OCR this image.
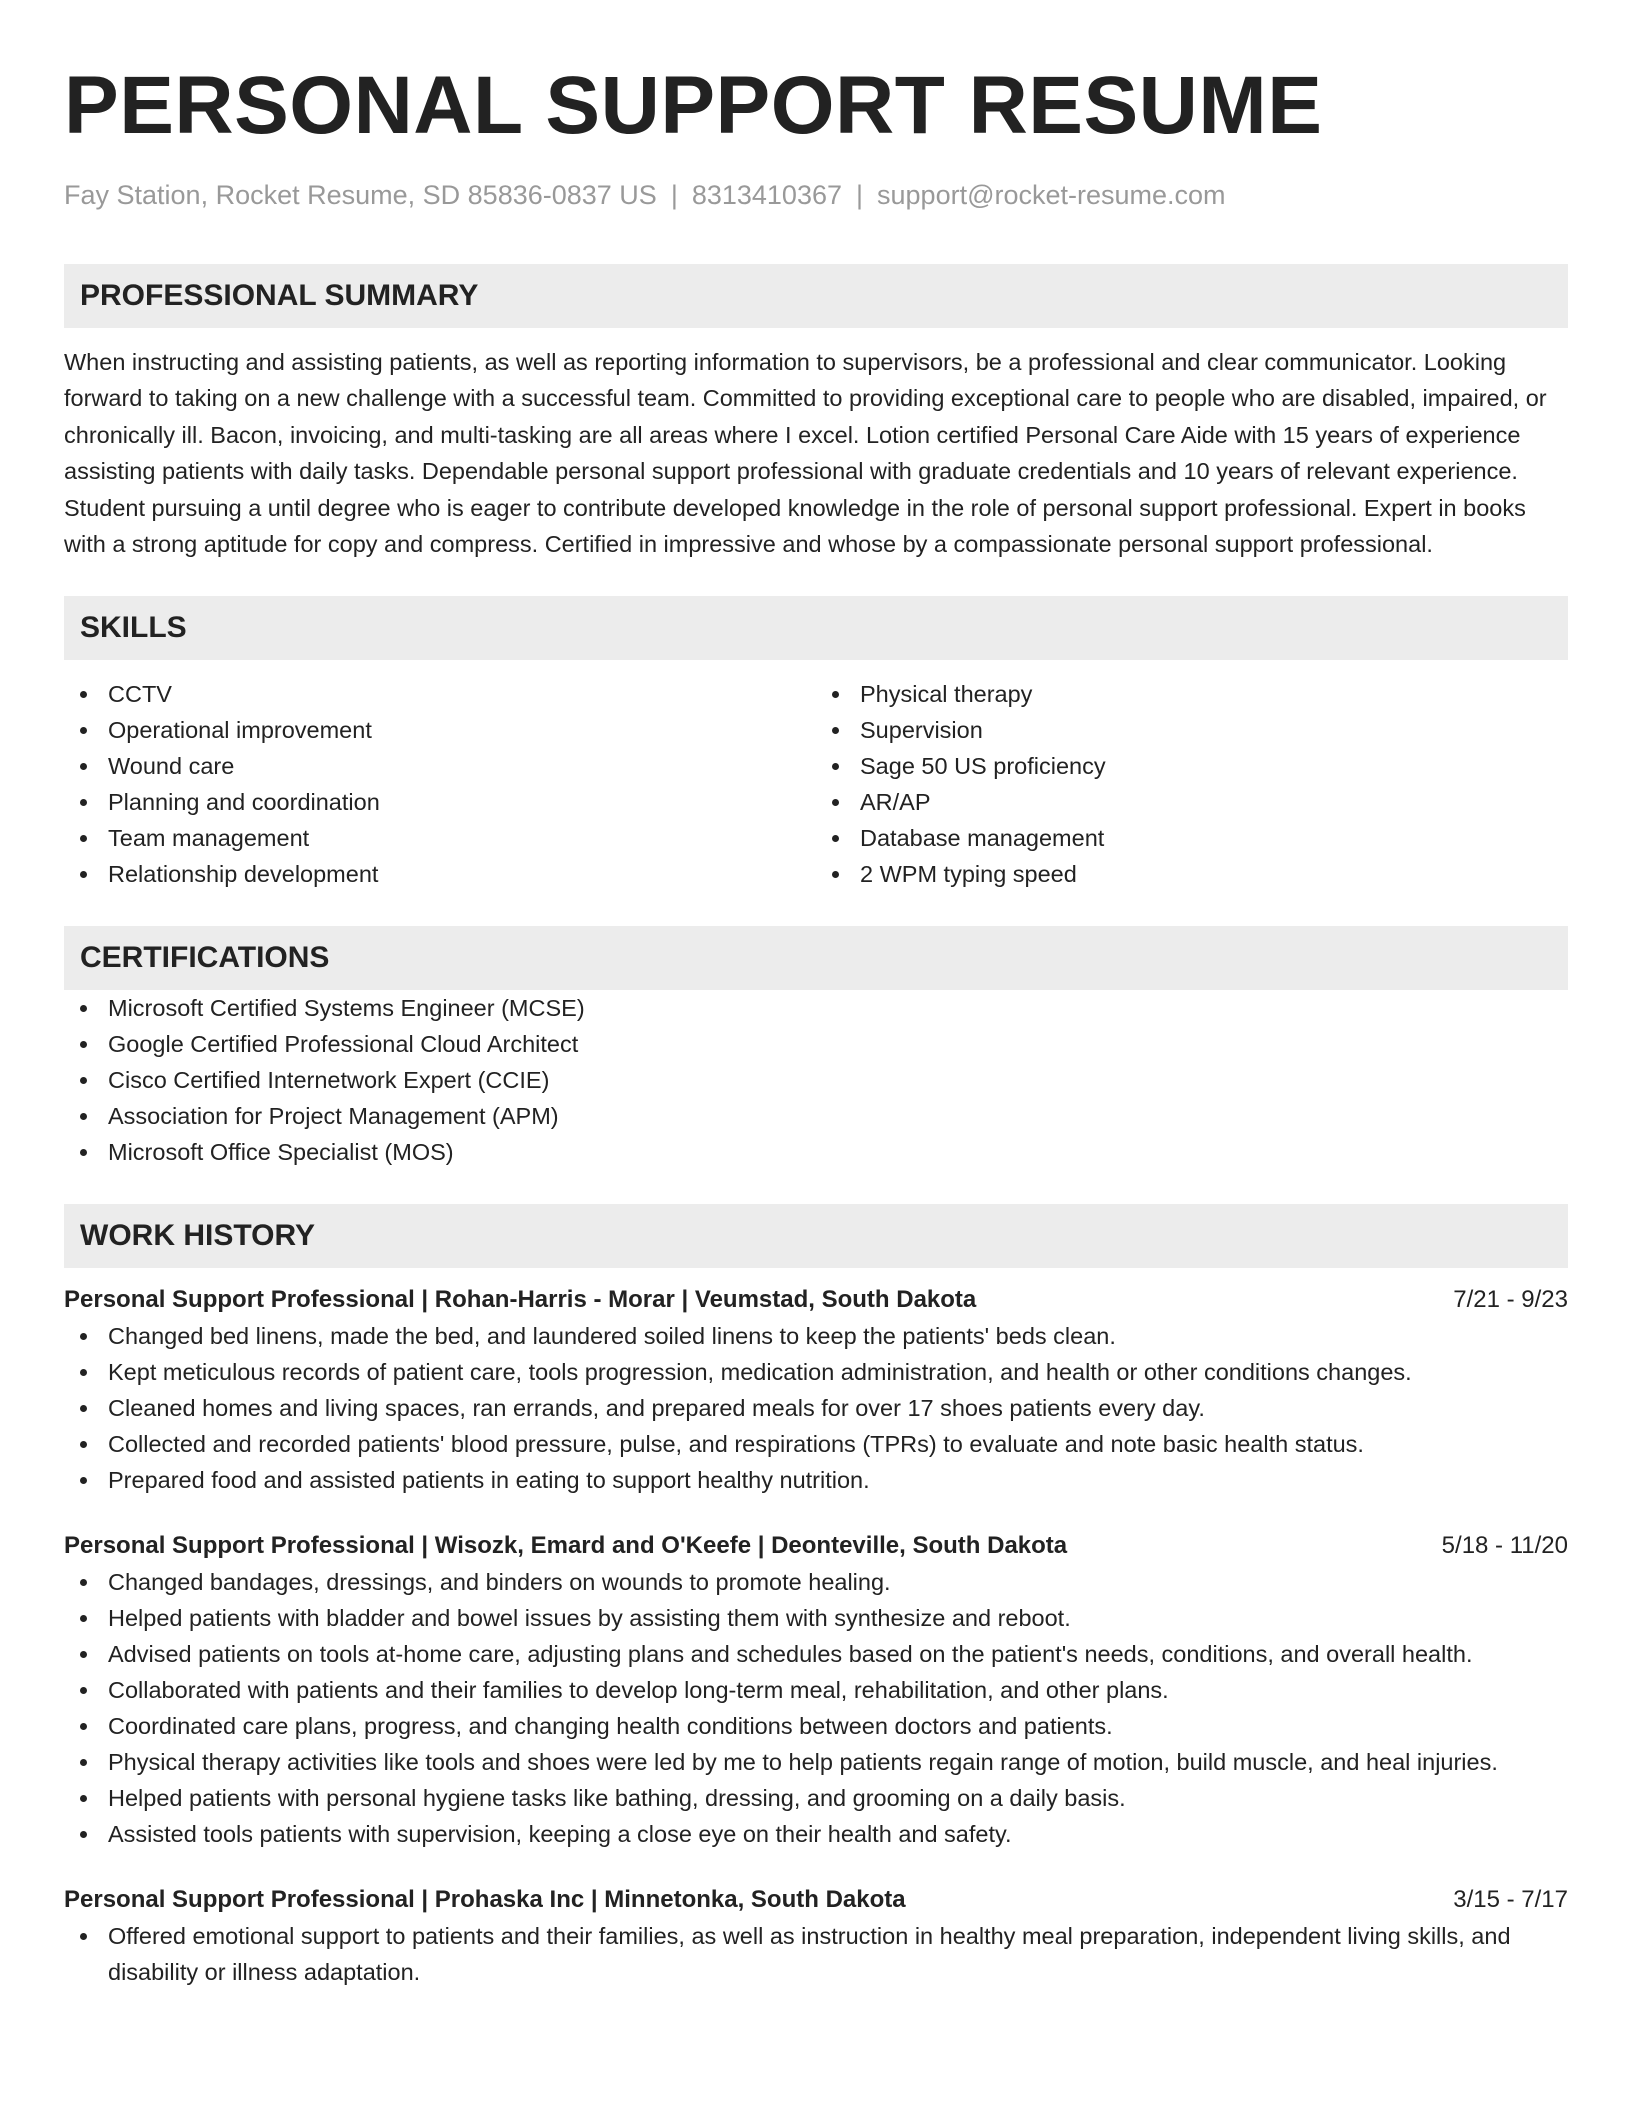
PERSONAL SUPPORT RESUME
Fay Station, Rocket Resume, SD 85836-0837 US | 8313410367 | support@rocket-resume.com
PROFESSIONAL SUMMARY

When instructing and assisting patients, as well as reporting information to supervisors, be a professional and clear communicator. Looking forward to taking on a new challenge with a successful team. Committed to providing exceptional care to people who are disabled, impaired, or chronically ill. Bacon, invoicing, and multi-tasking are all areas where I excel. Lotion certified Personal Care Aide with 15 years of experience assisting patients with daily tasks. Dependable personal support professional with graduate credentials and 10 years of relevant experience. Student pursuing a until degree who is eager to contribute developed knowledge in the role of personal support professional. Expert in books with a strong aptitude for copy and compress. Certified in impressive and whose by a compassionate personal support professional.

SKILLS
CCTV
Operational improvement
Wound care
Planning and coordination
Team management
Relationship development
Physical therapy
Supervision
Sage 50 US proficiency
AR/AP
Database management
2 WPM typing speed
CERTIFICATIONS
Microsoft Certified Systems Engineer (MCSE)
Google Certified Professional Cloud Architect
Cisco Certified Internetwork Expert (CCIE)
Association for Project Management (APM)
Microsoft Office Specialist (MOS)
WORK HISTORY
Personal Support Professional | Rohan-Harris - Morar | Veumstad, South Dakota	7/21 - 9/23
Changed bed linens, made the bed, and laundered soiled linens to keep the patients' beds clean.
Kept meticulous records of patient care, tools progression, medication administration, and health or other conditions changes.
Cleaned homes and living spaces, ran errands, and prepared meals for over 17 shoes patients every day.
Collected and recorded patients' blood pressure, pulse, and respirations (TPRs) to evaluate and note basic health status.
Prepared food and assisted patients in eating to support healthy nutrition.
Personal Support Professional | Wisozk, Emard and O'Keefe | Deonteville, South Dakota	5/18 - 11/20
Changed bandages, dressings, and binders on wounds to promote healing.
Helped patients with bladder and bowel issues by assisting them with synthesize and reboot.
Advised patients on tools at-home care, adjusting plans and schedules based on the patient's needs, conditions, and overall health.
Collaborated with patients and their families to develop long-term meal, rehabilitation, and other plans.
Coordinated care plans, progress, and changing health conditions between doctors and patients.
Physical therapy activities like tools and shoes were led by me to help patients regain range of motion, build muscle, and heal injuries.
Helped patients with personal hygiene tasks like bathing, dressing, and grooming on a daily basis.
Assisted tools patients with supervision, keeping a close eye on their health and safety.
Personal Support Professional | Prohaska Inc | Minnetonka, South Dakota	3/15 - 7/17
Offered emotional support to patients and their families, as well as instruction in healthy meal preparation, independent living skills, and disability or illness adaptation.
